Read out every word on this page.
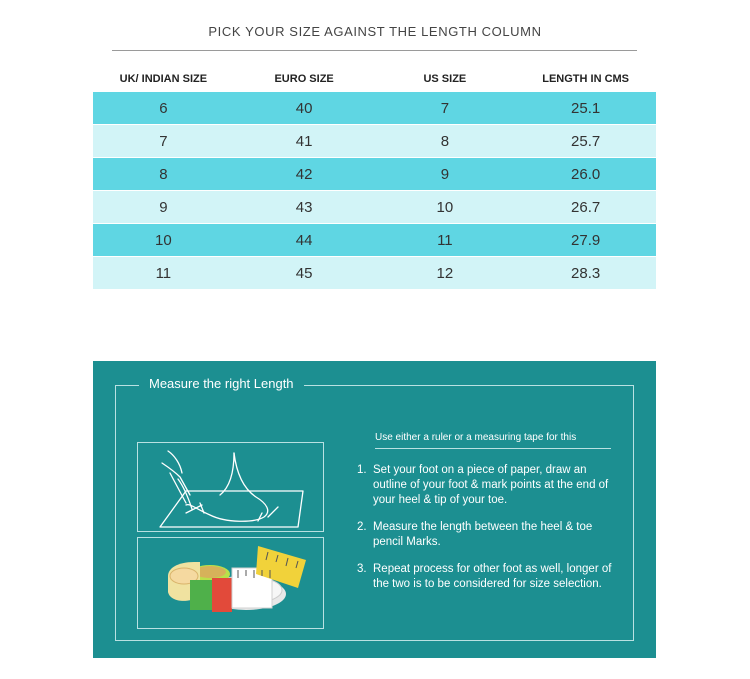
PICK YOUR SIZE AGAINST THE LENGTH COLUMN
UK/ INDIAN SIZE	EURO SIZE	US SIZE	LENGTH IN CMS
6	40	7	25.1
7	41	8	25.7
8	42	9	26.0
9	43	10	26.7
10	44	11	27.9
11	45	12	28.3
Measure the right Length
Use either a ruler or a measuring tape for this
1. Set your foot on a piece of paper, draw an outline of your foot & mark points at the end of your heel & tip of your toe.
2. Measure the length between the heel & toe pencil Marks.
3. Repeat process for other foot as well, longer of the two is to be considered for size selection.
